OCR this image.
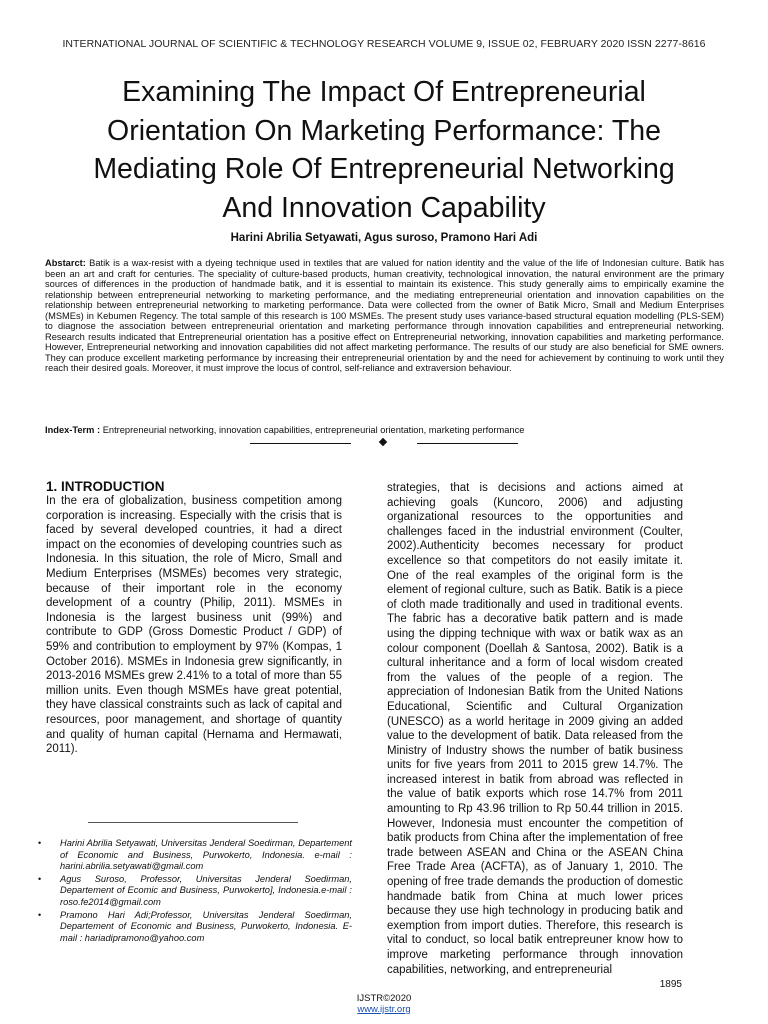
INTERNATIONAL JOURNAL OF SCIENTIFIC & TECHNOLOGY RESEARCH VOLUME 9, ISSUE 02, FEBRUARY 2020 ISSN 2277-8616
Examining The Impact Of Entrepreneurial
Orientation On Marketing Performance: The
Mediating Role Of Entrepreneurial Networking
And Innovation Capability
Harini Abrilia Setyawati, Agus suroso, Pramono Hari Adi

Abstarct: Batik is a wax-resist with a dyeing technique used in textiles that are valued for nation identity and the value of the life of Indonesian culture. Batik has been an art and craft for centuries. The speciality of culture-based products, human creativity, technological innovation, the natural environment are the primary sources of differences in the production of handmade batik, and it is essential to maintain its existence. This study generally aims to empirically examine the relationship between entrepreneurial networking to marketing performance, and the mediating entrepreneurial orientation and innovation capabilities on the relationship between entrepreneurial networking to marketing performance. Data were collected from the owner of Batik Micro, Small and Medium Enterprises (MSMEs) in Kebumen Regency. The total sample of this research is 100 MSMEs. The present study uses variance-based structural equation modelling (PLS-SEM) to diagnose the association between entrepreneurial orientation and marketing performance through innovation capabilities and entrepreneurial networking. Research results indicated that Entrepreneurial orientation has a positive effect on Entrepreneurial networking, innovation capabilities and marketing performance. However, Entrepreneurial networking and innovation capabilities did not affect marketing performance. The results of our study are also beneficial for SME owners. They can produce excellent marketing performance by increasing their entrepreneurial orientation by and the need for achievement by continuing to work until they reach their desired goals. Moreover, it must improve the locus of control, self-reliance and extraversion behaviour.

Index-Term : Entrepreneurial networking, innovation capabilities, entrepreneurial orientation, marketing performance

1. INTRODUCTION

In the era of globalization, business competition among corporation is increasing. Especially with the crisis that is faced by several developed countries, it had a direct impact on the economies of developing countries such as Indonesia. In this situation, the role of Micro, Small and Medium Enterprises (MSMEs) becomes very strategic, because of their important role in the economy development of a country (Philip, 2011). MSMEs in Indonesia is the largest business unit (99%) and contribute to GDP (Gross Domestic Product / GDP) of 59% and contribution to employment by 97% (Kompas, 1 October 2016). MSMEs in Indonesia grew significantly, in 2013-2016 MSMEs grew 2.41% to a total of more than 55 million units. Even though MSMEs have great potential, they have classical constraints such as lack of capital and resources, poor management, and shortage of quantity and quality of human capital (Hernama and Hermawati, 2011).

strategies, that is decisions and actions aimed at achieving goals (Kuncoro, 2006) and adjusting organizational resources to the opportunities and challenges faced in the industrial environment (Coulter, 2002).Authenticity becomes necessary for product excellence so that competitors do not easily imitate it. One of the real examples of the original form is the element of regional culture, such as Batik. Batik is a piece of cloth made traditionally and used in traditional events. The fabric has a decorative batik pattern and is made using the dipping technique with wax or batik wax as an colour component (Doellah & Santosa, 2002). Batik is a cultural inheritance and a form of local wisdom created from the values of the people of a region. The appreciation of Indonesian Batik from the United Nations Educational, Scientific and Cultural Organization (UNESCO) as a world heritage in 2009 giving an added value to the development of batik. Data released from the Ministry of Industry shows the number of batik business units for five years from 2011 to 2015 grew 14.7%. The increased interest in batik from abroad was reflected in the value of batik exports which rose 14.7% from 2011 amounting to Rp 43.96 trillion to Rp 50.44 trillion in 2015. However, Indonesia must encounter the competition of batik products from China after the implementation of free trade between ASEAN and China or the ASEAN China Free Trade Area (ACFTA), as of January 1, 2010. The opening of free trade demands the production of domestic handmade batik from China at much lower prices because they use high technology in producing batik and exemption from import duties. Therefore, this research is vital to conduct, so local batik entrepreuner know how to improve marketing performance through innovation capabilities, networking, and entrepreneurial

• Harini Abrilia Setyawati, Universitas Jenderal Soedirman, Departement of Economic and Business, Purwokerto, Indonesia. e-mail : harini.abrilia.setyawati@gmail.com
• Agus Suroso, Professor, Universitas Jenderal Soedirman, Departement of Ecomic and Business, Purwokerto], Indonesia.e-mail : roso.fe2014@gmail.com
• Pramono Hari Adi;Professor, Universitas Jenderal Soedirman, Departement of Economic and Business, Purwokerto, Indonesia. E-mail : hariadipramono@yahoo.com
1895
IJSTR©2020
www.ijstr.org
